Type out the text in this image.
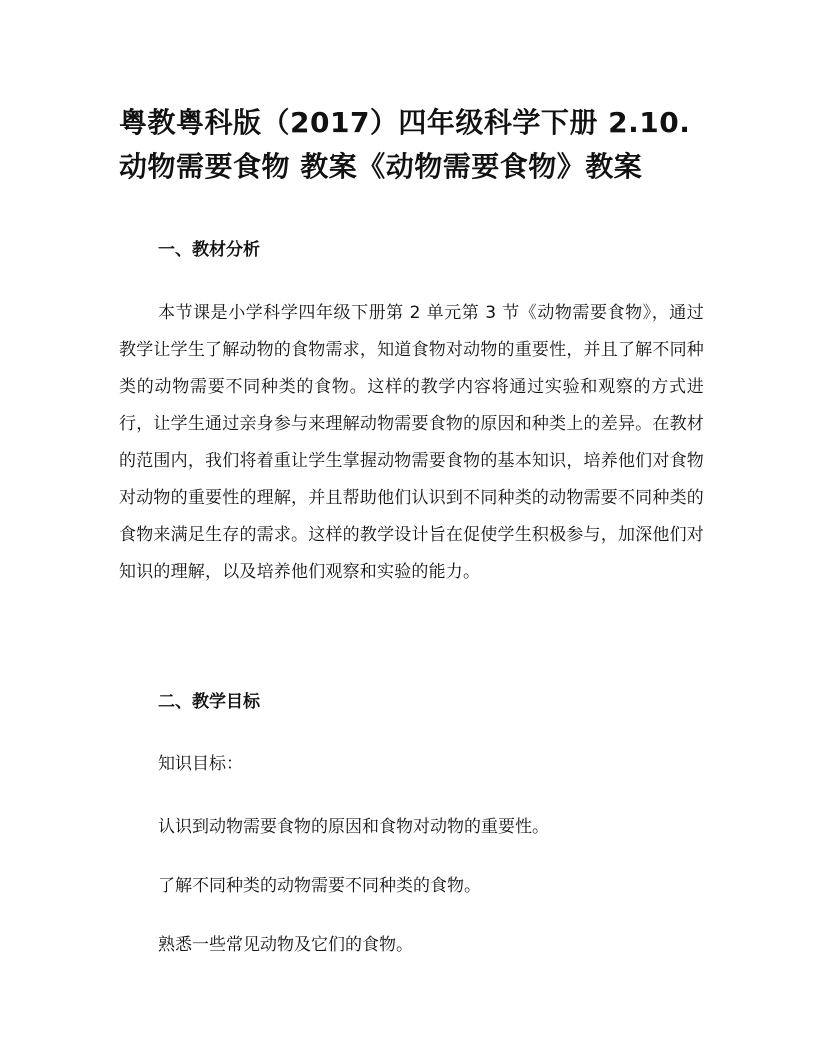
粤教粤科版（2017）四年级科学下册 2.10.动物需要食物 教案《动物需要食物》教案
一、教材分析

本节课是小学科学四年级下册第 2 单元第 3 节《动物需要食物》，通过教学让学生了解动物的食物需求，知道食物对动物的重要性，并且了解不同种类的动物需要不同种类的食物。这样的教学内容将通过实验和观察的方式进行，让学生通过亲身参与来理解动物需要食物的原因和种类上的差异。在教材的范围内，我们将着重让学生掌握动物需要食物的基本知识，培养他们对食物对动物的重要性的理解，并且帮助他们认识到不同种类的动物需要不同种类的食物来满足生存的需求。这样的教学设计旨在促使学生积极参与，加深他们对知识的理解，以及培养他们观察和实验的能力。

二、教学目标

知识目标：

认识到动物需要食物的原因和食物对动物的重要性。

了解不同种类的动物需要不同种类的食物。

熟悉一些常见动物及它们的食物。
